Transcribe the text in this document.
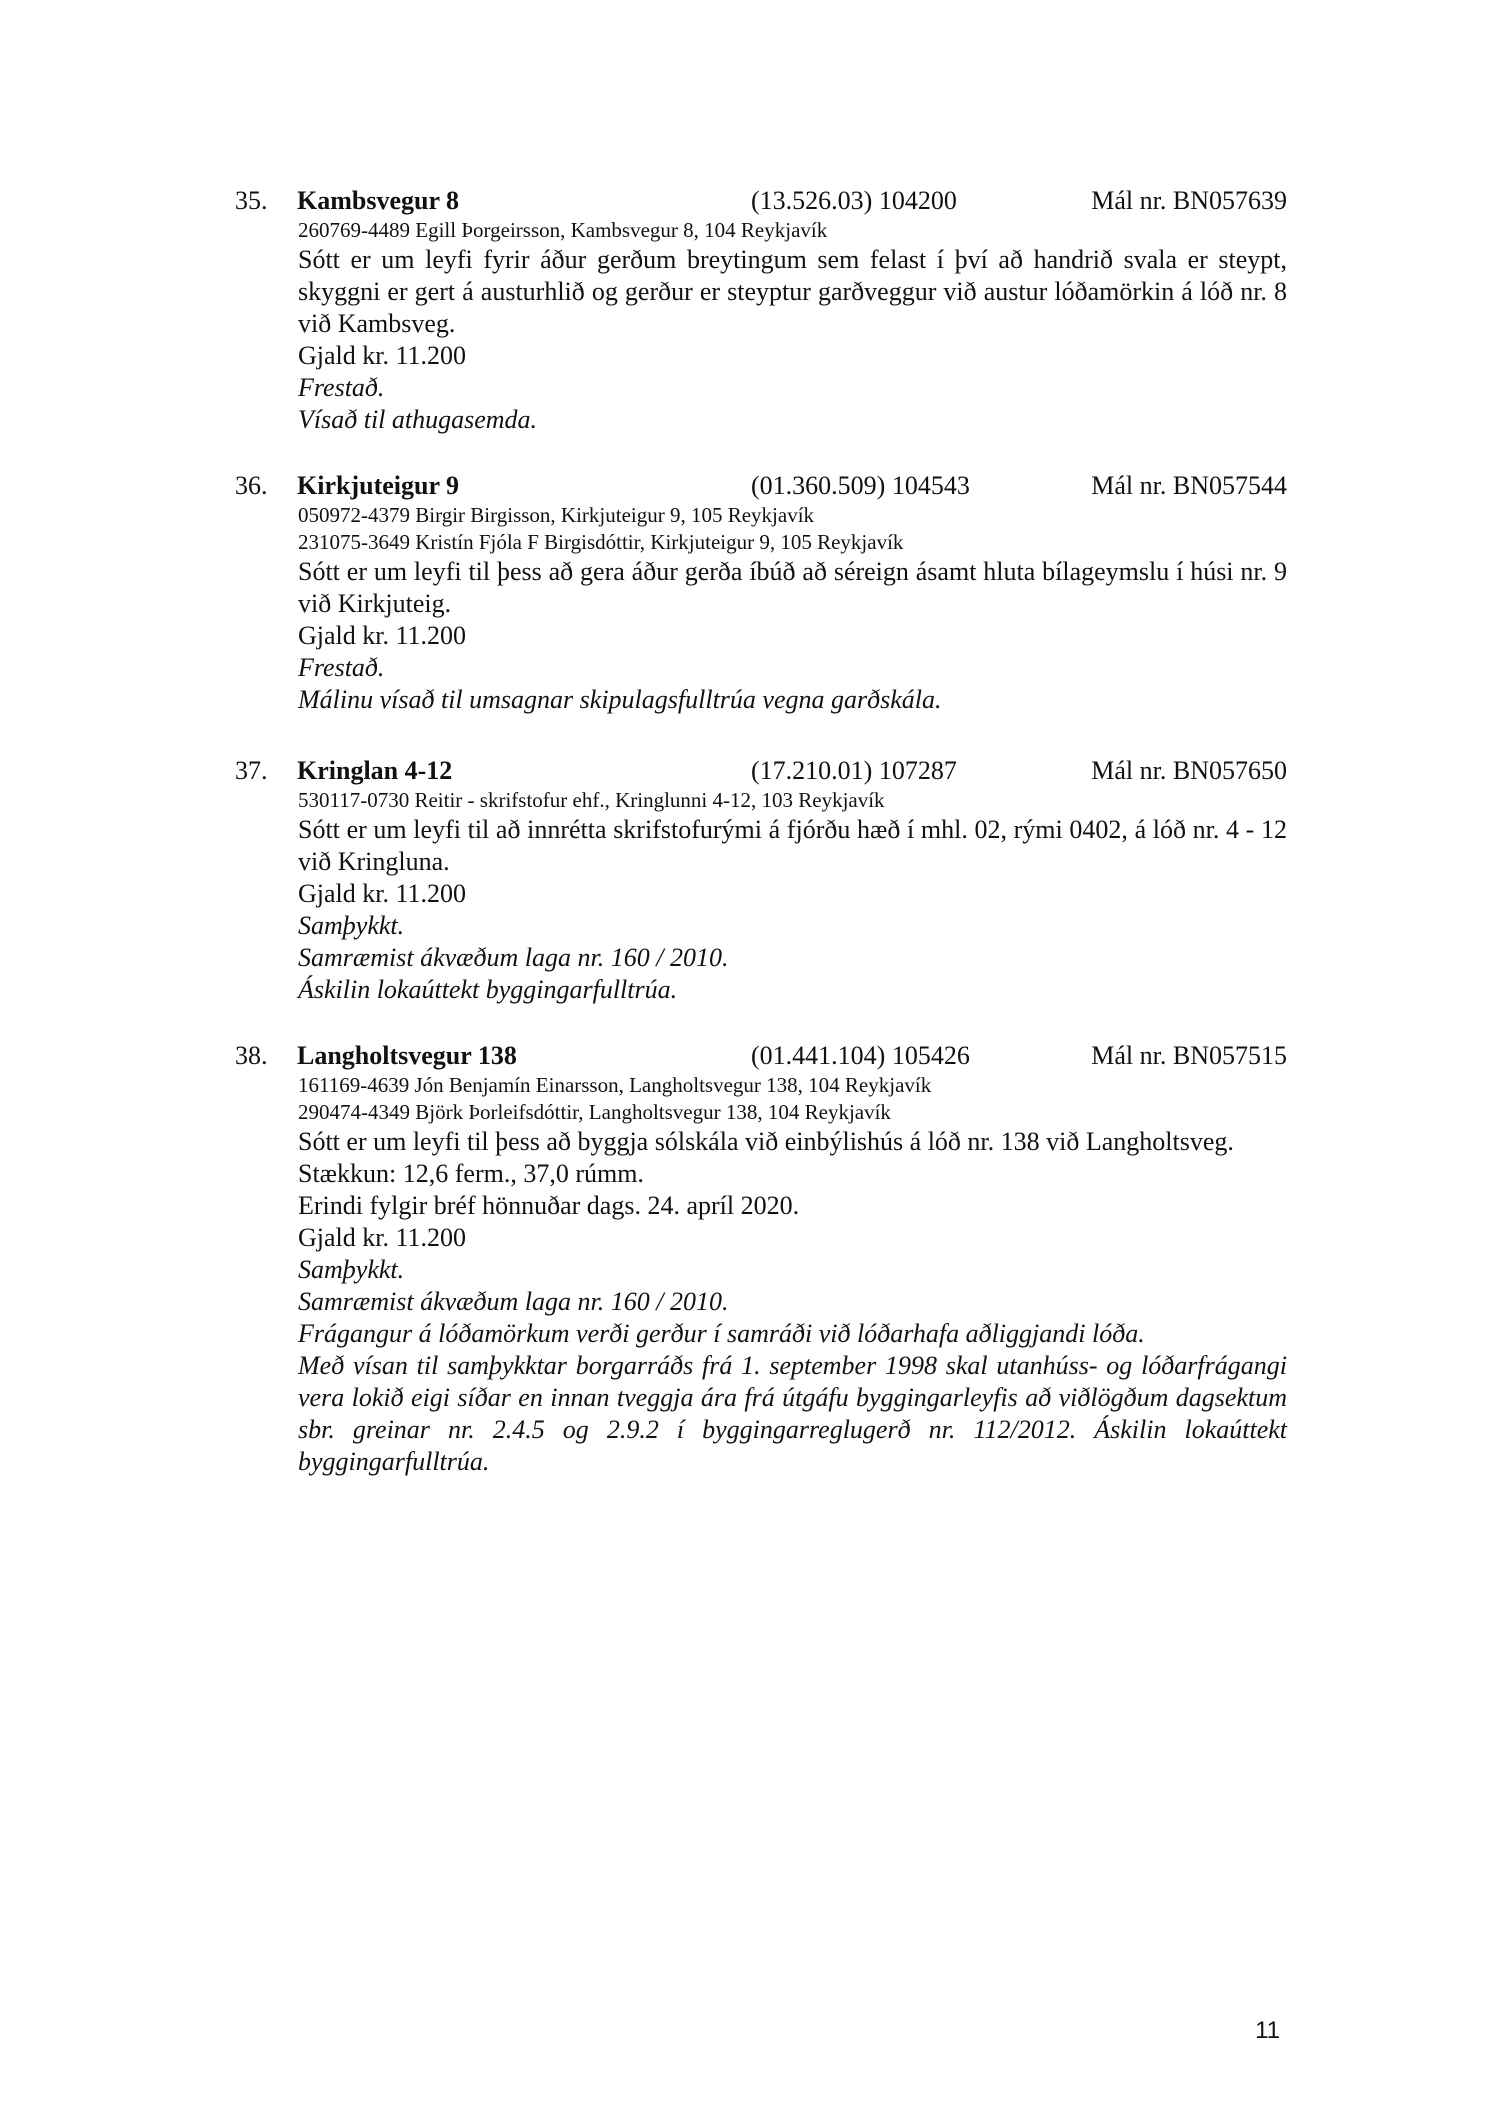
35. Kambsvegur 8	(13.526.03) 104200	Mál nr. BN057639
260769-4489 Egill Þorgeirsson, Kambsvegur 8, 104 Reykjavík
Sótt er um leyfi fyrir áður gerðum breytingum sem felast í því að handrið svala er steypt, skyggni er gert á austurhlið og gerður er steyptur garðveggur við austur lóðamörkin á lóð nr. 8 við Kambsveg.
Gjald kr. 11.200
Frestað.
Vísað til athugasemda.
36. Kirkjuteigur 9	(01.360.509) 104543	Mál nr. BN057544
050972-4379 Birgir Birgisson, Kirkjuteigur 9, 105 Reykjavík
231075-3649 Kristín Fjóla F Birgisdóttir, Kirkjuteigur 9, 105 Reykjavík
Sótt er um leyfi til þess að gera áður gerða íbúð að séreign ásamt hluta bílageymslu í húsi nr. 9 við Kirkjuteig.
Gjald kr. 11.200
Frestað.
Málinu vísað til umsagnar skipulagsfulltrúa vegna garðskála.
37. Kringlan 4-12	(17.210.01) 107287	Mál nr. BN057650
530117-0730 Reitir - skrifstofur ehf., Kringlunni 4-12, 103 Reykjavík
Sótt er um leyfi til að innrétta skrifstofurými á fjórðu hæð í mhl. 02, rými 0402, á lóð nr. 4 - 12 við Kringluna.
Gjald kr. 11.200
Samþykkt.
Samræmist ákvæðum laga nr. 160 / 2010.
Áskilin lokaúttekt byggingarfulltrúa.
38. Langholtsvegur 138	(01.441.104) 105426	Mál nr. BN057515
161169-4639 Jón Benjamín Einarsson, Langholtsvegur 138, 104 Reykjavík
290474-4349 Björk Þorleifsdóttir, Langholtsvegur 138, 104 Reykjavík
Sótt er um leyfi til þess að byggja sólskála við einbýlishús á lóð nr. 138 við Langholtsveg.
Stækkun: 12,6 ferm., 37,0 rúmm.
Erindi fylgir bréf hönnuðar dags. 24. apríl 2020.
Gjald kr. 11.200
Samþykkt.
Samræmist ákvæðum laga nr. 160 / 2010.
Frágangur á lóðamörkum verði gerður í samráði við lóðarhafa aðliggjandi lóða.
Með vísan til samþykktar borgarráðs frá 1. september 1998 skal utanhúss- og lóðarfrágangi vera lokið eigi síðar en innan tveggja ára frá útgáfu byggingarleyfis að viðlögðum dagsektum sbr. greinar nr. 2.4.5 og 2.9.2 í byggingarreglugerð nr. 112/2012. Áskilin lokaúttekt byggingarfulltrúa.
11
